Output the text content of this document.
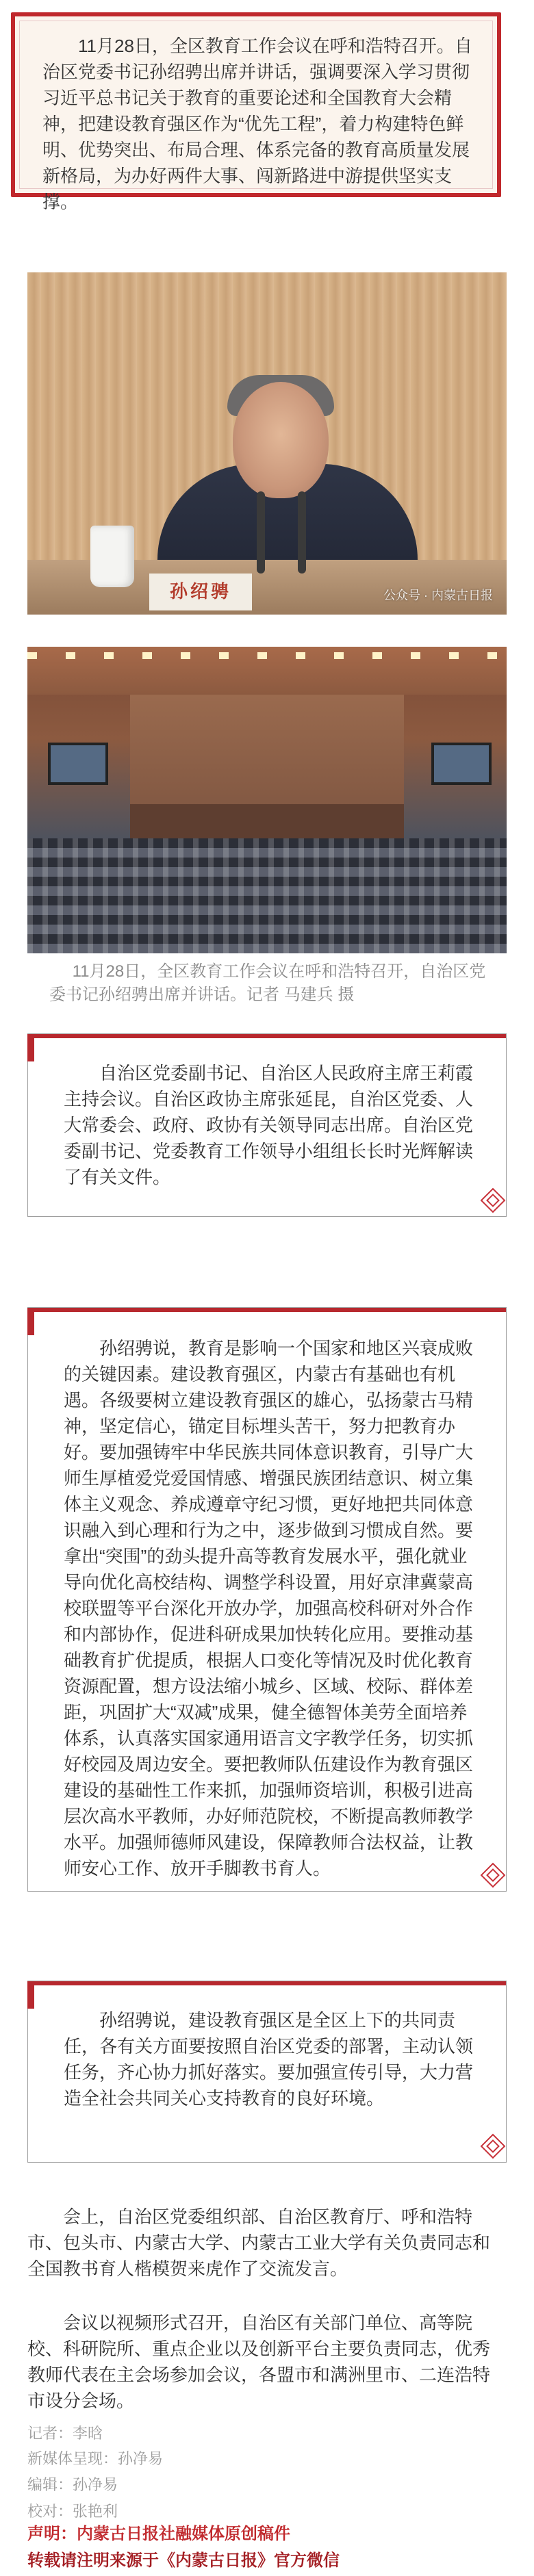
11月28日，全区教育工作会议在呼和浩特召开。自治区党委书记孙绍骋出席并讲话，强调要深入学习贯彻习近平总书记关于教育的重要论述和全国教育大会精神，把建设教育强区作为“优先工程”，着力构建特色鲜明、优势突出、布局合理、体系完备的教育高质量发展新格局，为办好两件大事、闯新路进中游提供坚实支撑。

孙绍骋	公众号 · 内蒙古日报

11月28日，全区教育工作会议在呼和浩特召开，自治区党委书记孙绍骋出席并讲话。记者 马建兵 摄

自治区党委副书记、自治区人民政府主席王莉霞主持会议。自治区政协主席张延昆，自治区党委、人大常委会、政府、政协有关领导同志出席。自治区党委副书记、党委教育工作领导小组组长长时光辉解读了有关文件。

孙绍骋说，教育是影响一个国家和地区兴衰成败的关键因素。建设教育强区，内蒙古有基础也有机遇。各级要树立建设教育强区的雄心，弘扬蒙古马精神，坚定信心，锚定目标埋头苦干，努力把教育办好。要加强铸牢中华民族共同体意识教育，引导广大师生厚植爱党爱国情感、增强民族团结意识、树立集体主义观念、养成遵章守纪习惯，更好地把共同体意识融入到心理和行为之中，逐步做到习惯成自然。要拿出“突围”的劲头提升高等教育发展水平，强化就业导向优化高校结构、调整学科设置，用好京津冀蒙高校联盟等平台深化开放办学，加强高校科研对外合作和内部协作，促进科研成果加快转化应用。要推动基础教育扩优提质，根据人口变化等情况及时优化教育资源配置，想方设法缩小城乡、区域、校际、群体差距，巩固扩大“双减”成果，健全德智体美劳全面培养体系，认真落实国家通用语言文字教学任务，切实抓好校园及周边安全。要把教师队伍建设作为教育强区建设的基础性工作来抓，加强师资培训，积极引进高层次高水平教师，办好师范院校，不断提高教师教学水平。加强师德师风建设，保障教师合法权益，让教师安心工作、放开手脚教书育人。

孙绍骋说，建设教育强区是全区上下的共同责任，各有关方面要按照自治区党委的部署，主动认领任务，齐心协力抓好落实。要加强宣传引导，大力营造全社会共同关心支持教育的良好环境。

会上，自治区党委组织部、自治区教育厅、呼和浩特市、包头市、内蒙古大学、内蒙古工业大学有关负责同志和全国教书育人楷模贺来虎作了交流发言。

会议以视频形式召开，自治区有关部门单位、高等院校、科研院所、重点企业以及创新平台主要负责同志，优秀教师代表在主会场参加会议，各盟市和满洲里市、二连浩特市设分会场。

记者：李晗

新媒体呈现：孙净易

编辑：孙净易

校对：张艳利

声明：内蒙古日报社融媒体原创稿件

转载请注明来源于《内蒙古日报》官方微信
